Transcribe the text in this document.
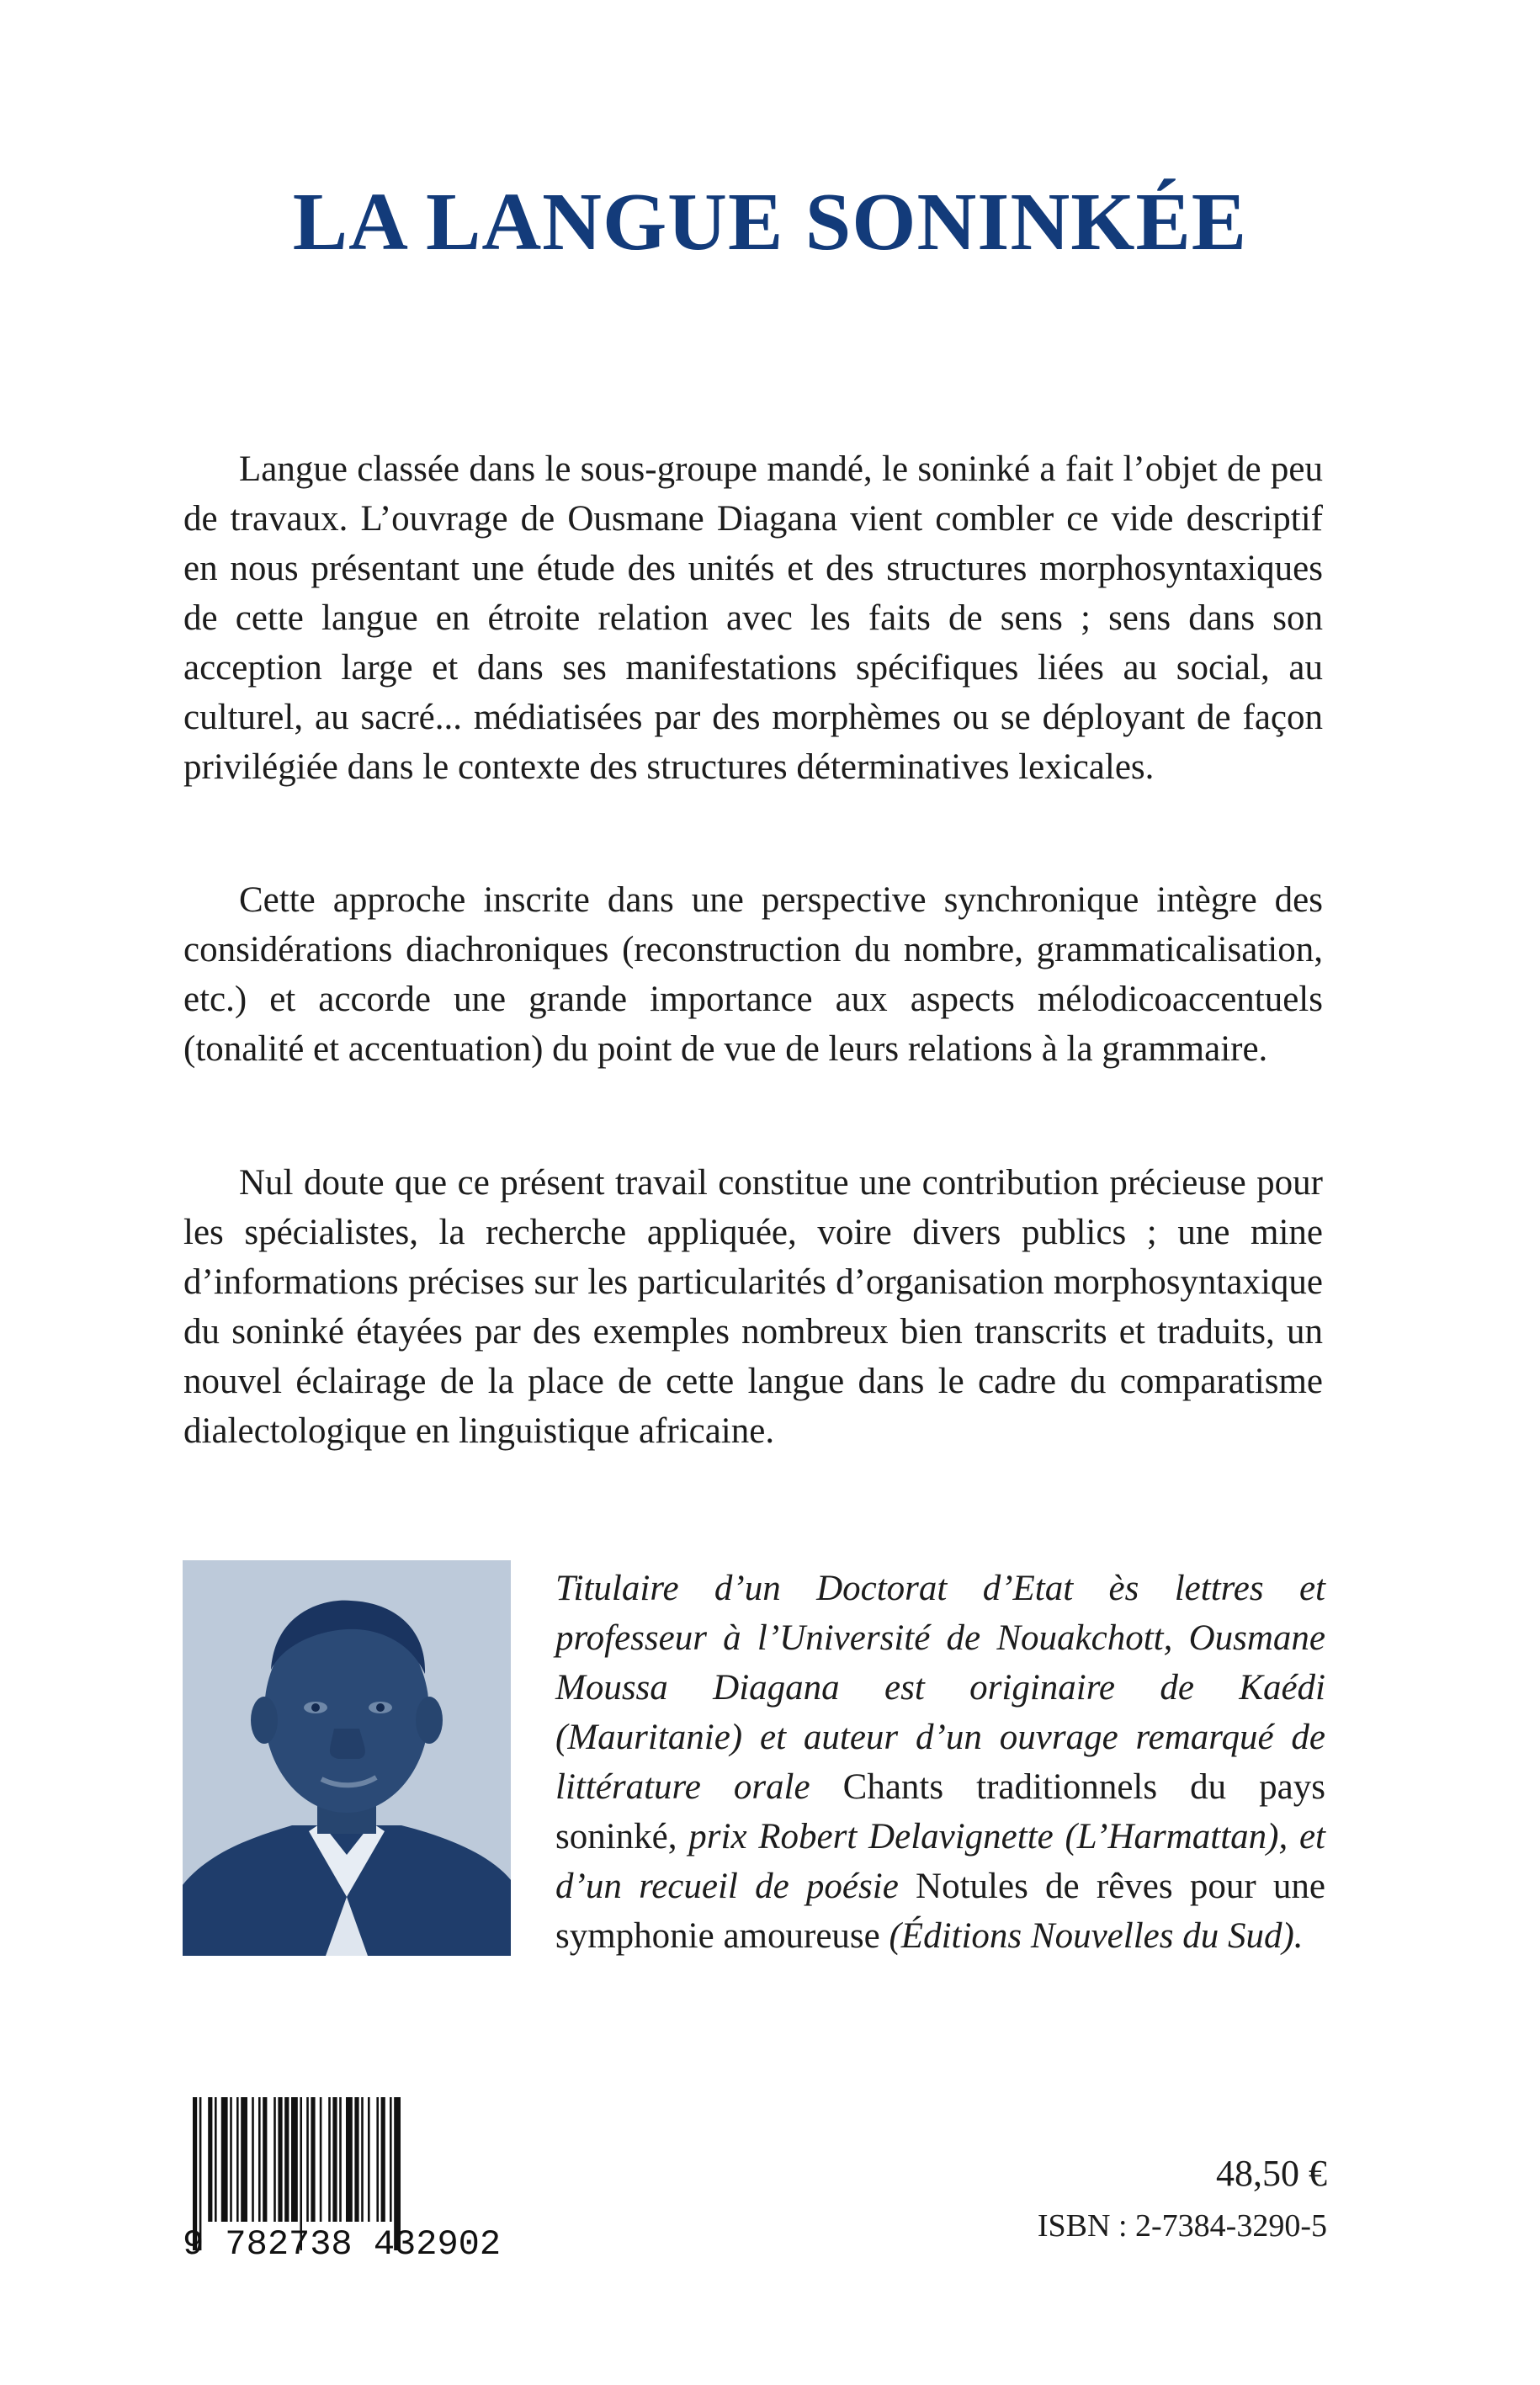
LA LANGUE SONINKÉE

Langue classée dans le sous-groupe mandé, le soninké a fait l’objet de peu de travaux. L’ouvrage de Ousmane Diagana vient combler ce vide descriptif en nous présentant une étude des unités et des structures morphosyntaxiques de cette langue en étroite relation avec les faits de sens ; sens dans son acception large et dans ses manifestations spécifiques liées au social, au culturel, au sacré... médiatisées par des morphèmes ou se déployant de façon privilégiée dans le contexte des structures déterminatives lexicales.

Cette approche inscrite dans une perspective synchronique intègre des considérations diachroniques (reconstruction du nombre, grammaticalisation, etc.) et accorde une grande importance aux aspects mélodicoaccentuels (tonalité et accentuation) du point de vue de leurs relations à la grammaire.

Nul doute que ce présent travail constitue une contribution précieuse pour les spécialistes, la recherche appliquée, voire divers publics ; une mine d’informations précises sur les particularités d’organisation morphosyntaxique du soninké étayées par des exemples nombreux bien transcrits et traduits, un nouvel éclairage de la place de cette langue dans le cadre du comparatisme dialectologique en linguistique africaine.

Titulaire d’un Doctorat d’Etat ès lettres et professeur à l’Université de Nouakchott, Ousmane Moussa Diagana est originaire de Kaédi (Mauritanie) et auteur d’un ouvrage remarqué de littérature orale Chants traditionnels du pays soninké, prix Robert Delavignette (L’Harmattan), et d’un recueil de poésie Notules de rêves pour une symphonie amoureuse (Éditions Nouvelles du Sud).

9 782738 432902
48,50 €
ISBN : 2-7384-3290-5
